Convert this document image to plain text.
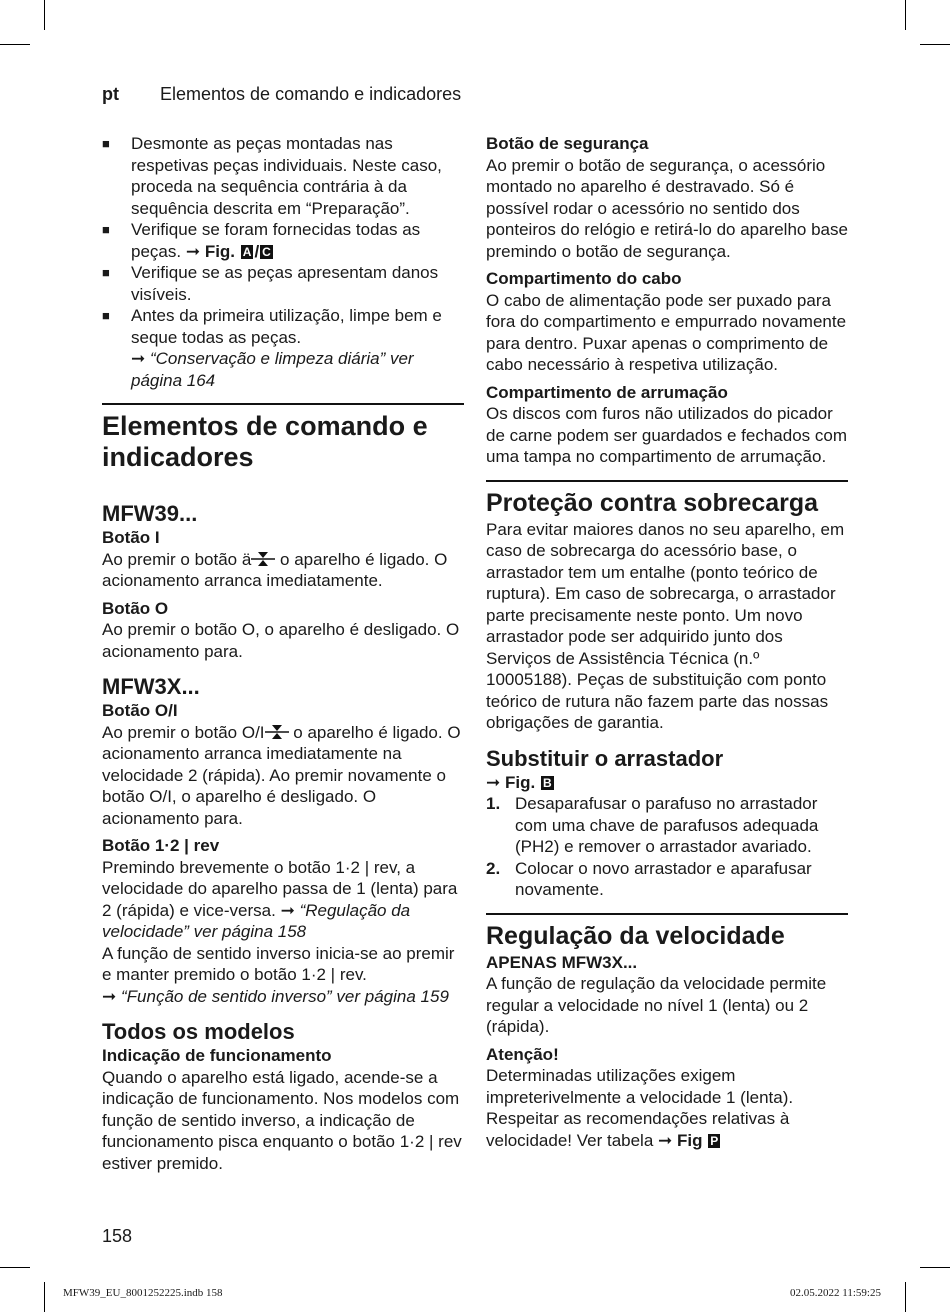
pt Elementos de comando e indicadores
■ Desmonte as peças montadas nas respetivas peças individuais. Neste caso, proceda na sequência contrária à da sequência descrita em “Preparação”.
■ Verifique se foram fornecidas todas as peças. ➞ Fig. A / C
■ Verifique se as peças apresentam danos visíveis.
■ Antes da primeira utilização, limpe bem e seque todas as peças.
➞ “Conservação e limpeza diária” ver página 164
Elementos de comando e indicadores
MFW39...
Botão I

Ao premir o botão ä o aparelho é ligado. O acionamento arranca imediatamente.

Botão O

Ao premir o botão O, o aparelho é desligado. O acionamento para.

MFW3X...
Botão O/I

Ao premir o botão O/I o aparelho é ligado. O acionamento arranca imediatamente na velocidade 2 (rápida). Ao premir novamente o botão O/I, o aparelho é desligado. O acionamento para.

Botão 1·2 | rev

Premindo brevemente o botão 1·2 | rev, a velocidade do aparelho passa de 1 (lenta) para 2 (rápida) e vice-versa. ➞ “Regulação da velocidade” ver página 158

A função de sentido inverso inicia-se ao premir e manter premido o botão 1·2 | rev.
➞ “Função de sentido inverso” ver página 159

Todos os modelos
Indicação de funcionamento

Quando o aparelho está ligado, acende-se a indicação de funcionamento. Nos modelos com função de sentido inverso, a indicação de funcionamento pisca enquanto o botão 1·2 | rev estiver premido.

Botão de segurança

Ao premir o botão de segurança, o acessório montado no aparelho é destravado. Só é possível rodar o acessório no sentido dos ponteiros do relógio e retirá-lo do aparelho base premindo o botão de segurança.

Compartimento do cabo

O cabo de alimentação pode ser puxado para fora do compartimento e empurrado novamente para dentro. Puxar apenas o comprimento de cabo necessário à respetiva utilização.

Compartimento de arrumação

Os discos com furos não utilizados do picador de carne podem ser guardados e fechados com uma tampa no compartimento de arrumação.

Proteção contra sobrecarga

Para evitar maiores danos no seu aparelho, em caso de sobrecarga do acessório base, o arrastador tem um entalhe (ponto teórico de ruptura). Em caso de sobrecarga, o arrastador parte precisamente neste ponto. Um novo arrastador pode ser adquirido junto dos Serviços de Assistência Técnica (n.º 10005188). Peças de substituição com ponto teórico de rutura não fazem parte das nossas obrigações de garantia.

Substituir o arrastador

➞ Fig. B

1. Desaparafusar o parafuso no arrastador com uma chave de parafusos adequada (PH2) e remover o arrastador avariado.
2. Colocar o novo arrastador e aparafusar novamente.
Regulação da velocidade
APENAS MFW3X...

A função de regulação da velocidade permite regular a velocidade no nível 1 (lenta) ou 2 (rápida).

Atenção!

Determinadas utilizações exigem impreterivelmente a velocidade 1 (lenta). Respeitar as recomendações relativas à velocidade! Ver tabela ➞ Fig P

158
MFW39_EU_8001252225.indb 158	02.05.2022 11:59:25
